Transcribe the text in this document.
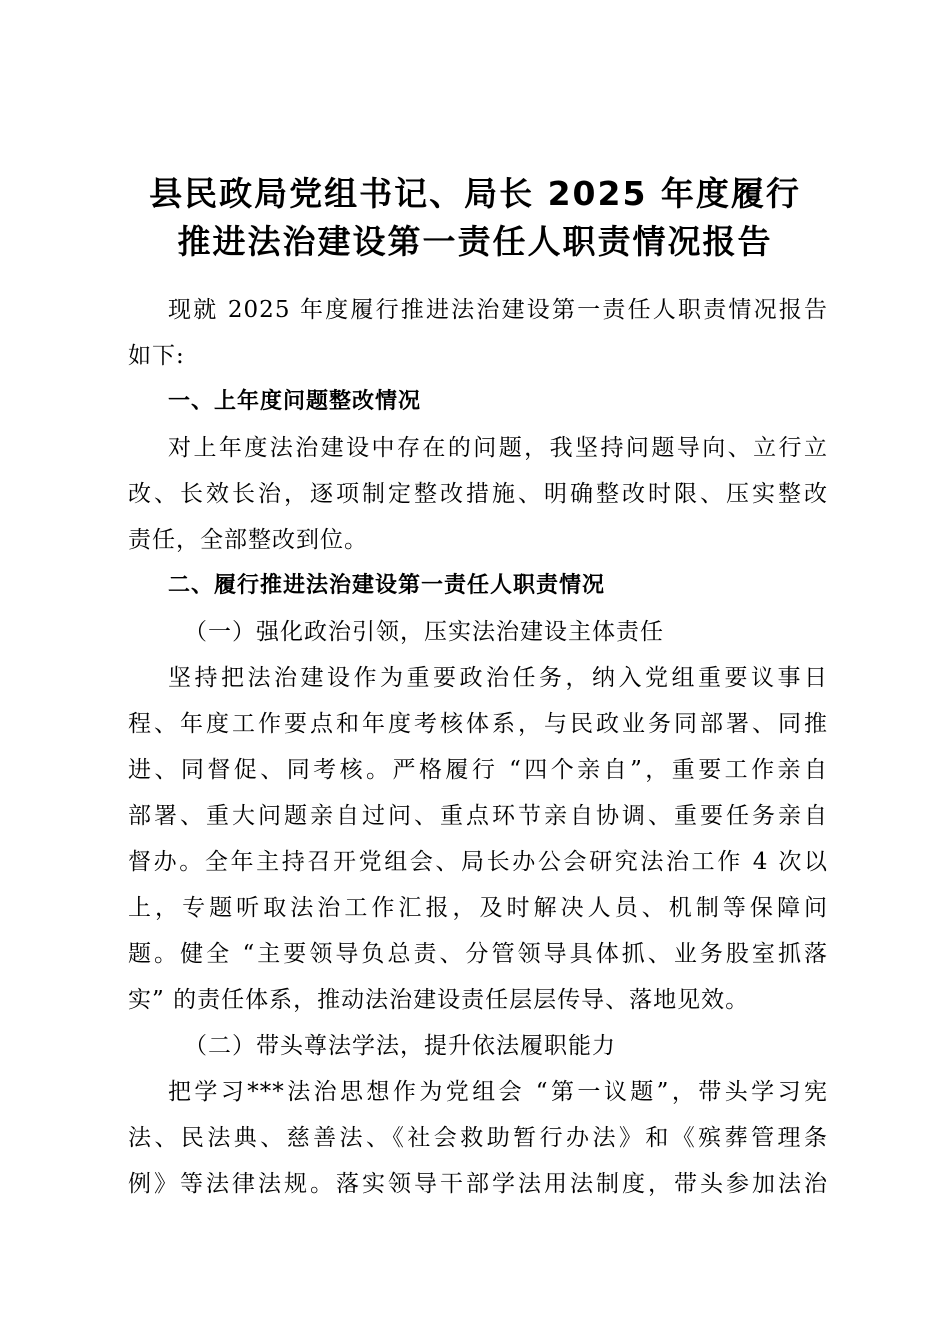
县民政局党组书记、局长 2025 年度履行
推进法治建设第一责任人职责情况报告
现就 2025 年度履行推进法治建设第一责任人职责情况报告
如下:
一、上年度问题整改情况
对上年度法治建设中存在的问题，我坚持问题导向、立行立
改、长效长治，逐项制定整改措施、明确整改时限、压实整改
责任，全部整改到位。
二、履行推进法治建设第一责任人职责情况
（一）强化政治引领，压实法治建设主体责任
坚持把法治建设作为重要政治任务，纳入党组重要议事日
程、年度工作要点和年度考核体系，与民政业务同部署、同推
进、同督促、同考核。严格履行 “四个亲自”，重要工作亲自
部署、重大问题亲自过问、重点环节亲自协调、重要任务亲自
督办。全年主持召开党组会、局长办公会研究法治工作 4 次以
上，专题听取法治工作汇报，及时解决人员、机制等保障问
题。健全 “主要领导负总责、分管领导具体抓、业务股室抓落
实” 的责任体系，推动法治建设责任层层传导、落地见效。
（二）带头尊法学法，提升依法履职能力
把学习***法治思想作为党组会 “第一议题”，带头学习宪
法、民法典、慈善法、《社会救助暂行办法》和《殡葬管理条
例》等法律法规。落实领导干部学法用法制度，带头参加法治
